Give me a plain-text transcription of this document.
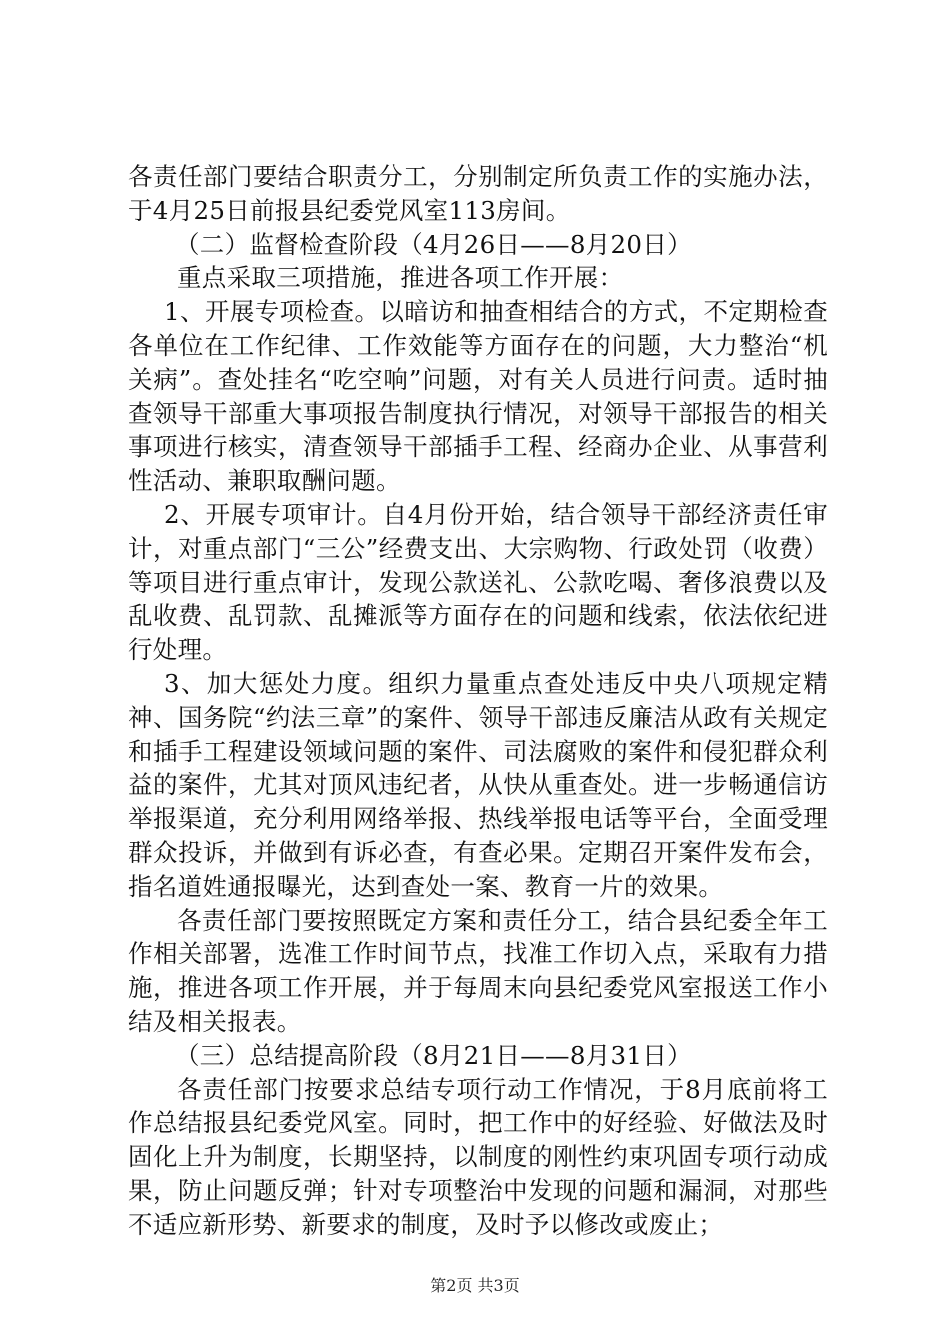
各责任部门要结合职责分工，分别制定所负责工作的实施办法，于4月25日前报县纪委党风室113房间。

（二）监督检查阶段（4月26日——8月20日）

重点采取三项措施，推进各项工作开展：

1、开展专项检查。以暗访和抽查相结合的方式，不定期检查各单位在工作纪律、工作效能等方面存在的问题，大力整治“机关病”。查处挂名“吃空响”问题，对有关人员进行问责。适时抽查领导干部重大事项报告制度执行情况，对领导干部报告的相关事项进行核实，清查领导干部插手工程、经商办企业、从事营利性活动、兼职取酬问题。

2、开展专项审计。自4月份开始，结合领导干部经济责任审计，对重点部门“三公”经费支出、大宗购物、行政处罚（收费）等项目进行重点审计，发现公款送礼、公款吃喝、奢侈浪费以及乱收费、乱罚款、乱摊派等方面存在的问题和线索，依法依纪进行处理。

3、加大惩处力度。组织力量重点查处违反中央八项规定精神、国务院“约法三章”的案件、领导干部违反廉洁从政有关规定和插手工程建设领域问题的案件、司法腐败的案件和侵犯群众利益的案件，尤其对顶风违纪者，从快从重查处。进一步畅通信访举报渠道，充分利用网络举报、热线举报电话等平台，全面受理群众投诉，并做到有诉必查，有查必果。定期召开案件发布会，指名道姓通报曝光，达到查处一案、教育一片的效果。

各责任部门要按照既定方案和责任分工，结合县纪委全年工作相关部署，选准工作时间节点，找准工作切入点，采取有力措施，推进各项工作开展，并于每周末向县纪委党风室报送工作小结及相关报表。

（三）总结提高阶段（8月21日——8月31日）

各责任部门按要求总结专项行动工作情况，于8月底前将工作总结报县纪委党风室。同时，把工作中的好经验、好做法及时固化上升为制度，长期坚持，以制度的刚性约束巩固专项行动成果，防止问题反弹；针对专项整治中发现的问题和漏洞，对那些不适应新形势、新要求的制度，及时予以修改或废止；

第2页 共3页
